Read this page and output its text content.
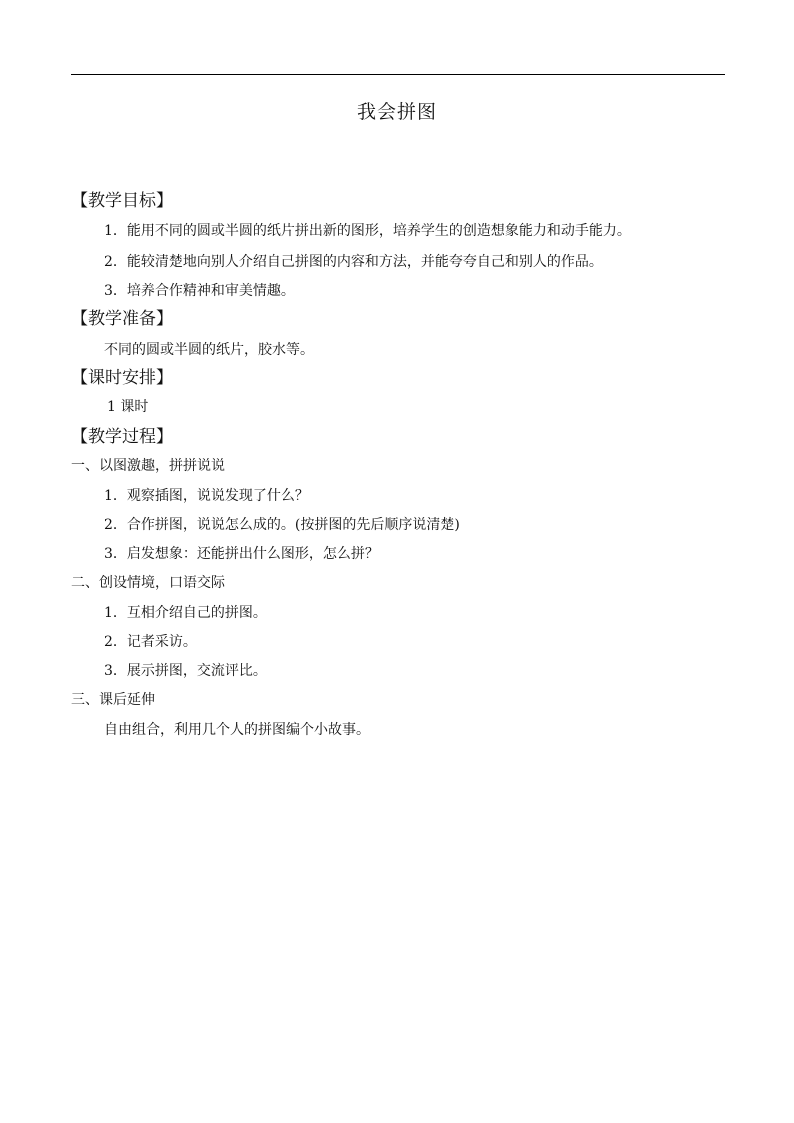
我会拼图
【教学目标】
1．能用不同的圆或半圆的纸片拼出新的图形，培养学生的创造想象能力和动手能力。
2．能较清楚地向别人介绍自己拼图的内容和方法，并能夸夸自己和别人的作品。
3．培养合作精神和审美情趣。
【教学准备】
不同的圆或半圆的纸片，胶水等。
【课时安排】
1 课时
【教学过程】
一、以图激趣，拼拼说说
1．观察插图，说说发现了什么？
2．合作拼图，说说怎么成的。(按拼图的先后顺序说清楚)
3．启发想象：还能拼出什么图形，怎么拼？
二、创设情境，口语交际
1．互相介绍自己的拼图。
2．记者采访。
3．展示拼图，交流评比。
三、课后延伸
自由组合，利用几个人的拼图编个小故事。
